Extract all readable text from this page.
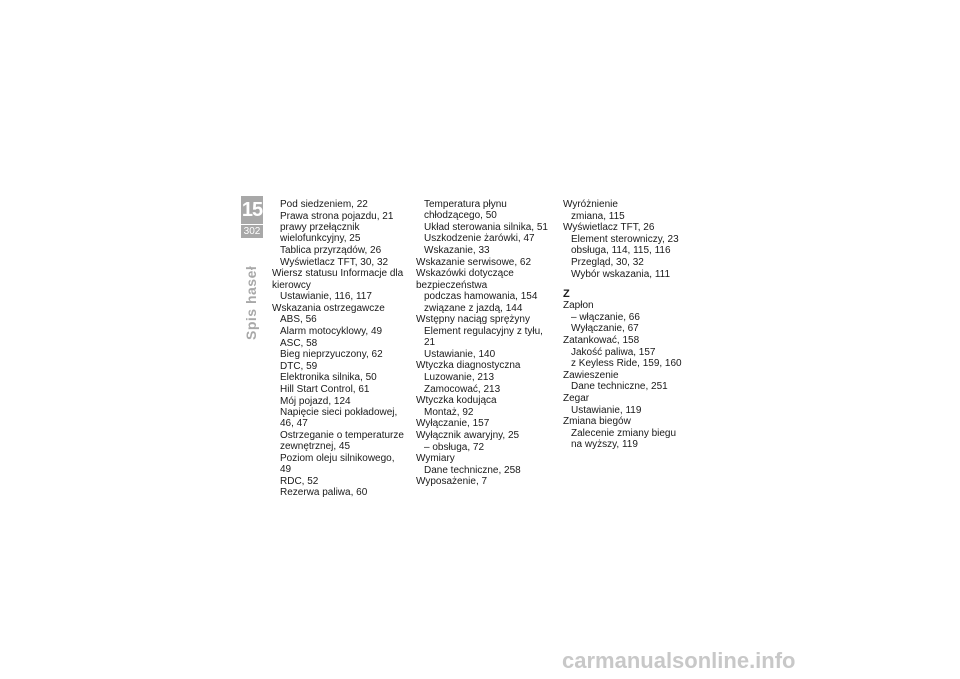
15
302
Spis haseł
Pod siedzeniem, 22
Prawa strona pojazdu, 21
prawy przełącznik wielofunkcyjny, 25
Tablica przyrządów, 26
Wyświetlacz TFT, 30, 32
Wiersz statusu Informacje dla kierowcy
Ustawianie, 116, 117
Wskazania ostrzegawcze
ABS, 56
Alarm motocyklowy, 49
ASC, 58
Bieg nieprzyuczony, 62
DTC, 59
Elektronika silnika, 50
Hill Start Control, 61
Mój pojazd, 124
Napięcie sieci pokładowej, 46, 47
Ostrzeganie o temperaturze zewnętrznej, 45
Poziom oleju silnikowego, 49
RDC, 52
Rezerwa paliwa, 60
Temperatura płynu chłodzącego, 50
Układ sterowania silnika, 51
Uszkodzenie żarówki, 47
Wskazanie, 33
Wskazanie serwisowe, 62
Wskazówki dotyczące bezpieczeństwa
podczas hamowania, 154
związane z jazdą, 144
Wstępny naciąg sprężyny
Element regulacyjny z tyłu, 21
Ustawianie, 140
Wtyczka diagnostyczna
Luzowanie, 213
Zamocować, 213
Wtyczka kodująca
Montaż, 92
Wyłączanie, 157
Wyłącznik awaryjny, 25
– obsługa, 72
Wymiary
Dane techniczne, 258
Wyposażenie, 7
Wyróżnienie
zmiana, 115
Wyświetlacz TFT, 26
Element sterowniczy, 23
obsługa, 114, 115, 116
Przegląd, 30, 32
Wybór wskazania, 111
Z
Zapłon
– włączanie, 66
Wyłączanie, 67
Zatankować, 158
Jakość paliwa, 157
z Keyless Ride, 159, 160
Zawieszenie
Dane techniczne, 251
Zegar
Ustawianie, 119
Zmiana biegów
Zalecenie zmiany biegu na wyższy, 119
carmanualsonline.info
